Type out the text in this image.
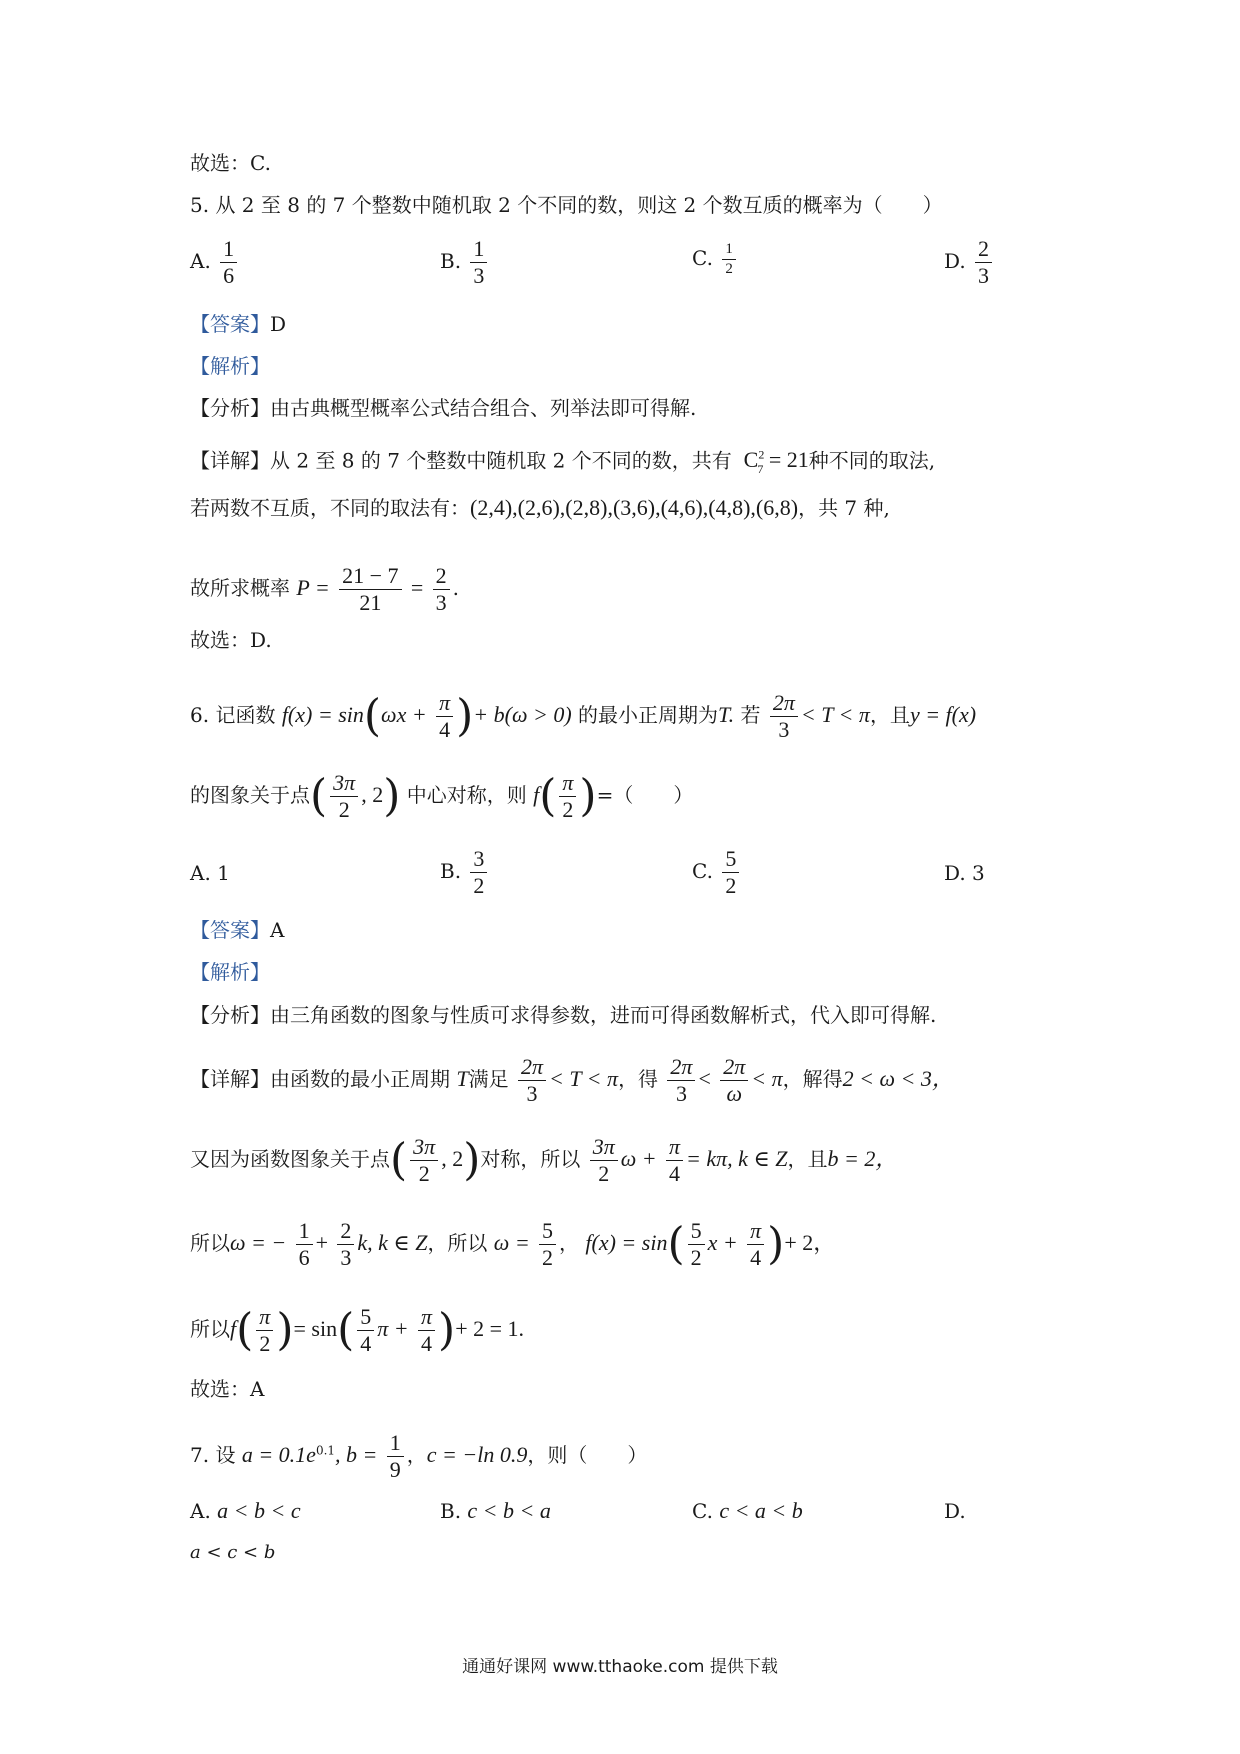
故选：C.
5. 从 2 至 8 的 7 个整数中随机取 2 个不同的数，则这 2 个数互质的概率为（　　）
A. $\frac{1}{6}$	B. $\frac{1}{3}$	C. $\frac{1}{2}$	D. $\frac{2}{3}$
【答案】D
【解析】
【分析】由古典概型概率公式结合组合、列举法即可得解.
【详解】从 2 至 8 的 7 个整数中随机取 2 个不同的数，共有 $C^2_7 = 21$种不同的取法,
若两数不互质，不同的取法有：(2,4),(2,6),(2,8),(3,6),(4,6),(4,8),(6,8)，共 7 种,
故所求概率 $P = \frac{21 - 7}{21} = \frac{2}{3}$ .
故选：D.
6. 记函数 $f(x) = \sin(\omega x + \frac{\pi}{4}$ )+ b(ω > 0) 的最小正周期为T. 若 $\frac{2\pi}{3} < T < \pi$，且y = f(x)
的图象关于点( $\frac{3\pi}{2}$ , 2) 中心对称，则 $f( \frac{\pi}{2}$ )=（　　）
A. 1	B. $\frac{3}{2}$	C. $\frac{5}{2}$	D. 3
【答案】A
【解析】
【分析】由三角函数的图象与性质可求得参数，进而可得函数解析式，代入即可得解.
【详解】由函数的最小正周期 T满足 $\frac{2\pi}{3} < T < \pi$，得 $\frac{2\pi}{3} < \frac{2\pi}{\omega} < \pi$，解得2 < ω < 3，
又因为函数图象关于点( $\frac{3\pi}{2}$ , 2)对称，所以 $\frac{3\pi}{2}$ $\omega + \frac{\pi}{4} = k\pi$, k ∈ Z，且b = 2，
所以ω = − $\frac{1}{6} + \frac{2}{3} k$, k ∈ Z，所以 $\omega = \frac{5}{2}$ ， $f(x) = \sin( \frac{5}{2}$ $x + \frac{\pi}{4}$ )+ 2，
所以$f( \frac{\pi}{2}$ )= $\sin( \frac{5}{4}$ $\pi + \frac{\pi}{4}$ )+ 2 = 1.
故选：A
7. 设 $a = 0.1e^{0.1}$, $b = \frac{1}{9}$ ，c = −ln 0.9，则（　　）
A. a < b < c	B. c < b < a	C. c < a < b	D.
a < c < b
通通好课网 www.tthaoke.com 提供下载
